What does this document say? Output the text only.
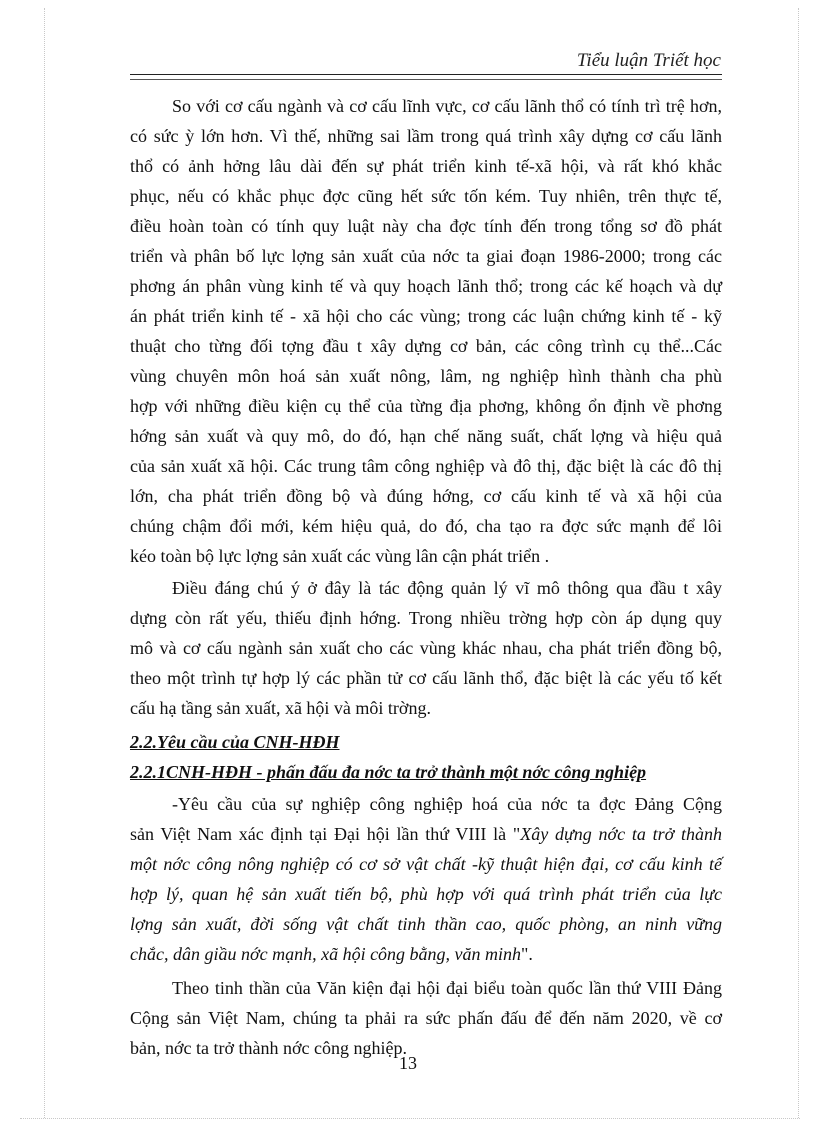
Tiểu luận Triết học
So với cơ cấu ngành và cơ cấu lĩnh vực, cơ cấu lãnh thổ có tính trì trệ hơn,
có sức ỳ lớn hơn. Vì thế, những sai lầm trong quá trình xây dựng cơ cấu lãnh
thổ có ảnh hởng lâu dài đến sự phát triển kinh tế-xã hội, và rất khó khắc
phục, nếu có khắc phục đợc cũng hết sức tốn kém. Tuy nhiên, trên thực tế,
điều hoàn toàn có tính quy luật này cha đợc tính đến trong tổng sơ đồ phát
triển và phân bố lực lợng sản xuất của nớc ta giai đoạn 1986-2000; trong các
phơng án phân vùng kinh tế và quy hoạch lãnh thổ; trong các kế hoạch và dự
án phát triển kinh tế - xã hội cho các vùng; trong các luận chứng kinh tế - kỹ
thuật cho từng đối tợng đầu t xây dựng cơ bản, các công trình cụ thể...Các
vùng chuyên môn hoá sản xuất nông, lâm, ng nghiệp hình thành cha phù
hợp với những điều kiện cụ thể của từng địa phơng, không ổn định về phơng
hớng sản xuất và quy mô, do đó, hạn chế năng suất, chất lợng và hiệu quả
của sản xuất xã hội. Các trung tâm công nghiệp và đô thị, đặc biệt là các đô thị
lớn, cha phát triển đồng bộ và đúng hớng, cơ cấu kinh tế và xã hội của
chúng chậm đổi mới, kém hiệu quả, do đó, cha tạo ra đợc sức mạnh để lôi
kéo toàn bộ lực lợng sản xuất các vùng lân cận phát triển .
Điều đáng chú ý ở đây là tác động quản lý vĩ mô thông qua đầu t xây
dựng còn rất yếu, thiếu định hớng. Trong nhiều trờng hợp còn áp dụng quy
mô và cơ cấu ngành sản xuất cho các vùng khác nhau, cha phát triển đồng bộ,
theo một trình tự hợp lý các phần tử cơ cấu lãnh thổ, đặc biệt là các yếu tố kết
cấu hạ tầng sản xuất, xã hội và môi trờng.
2.2.Yêu cầu của CNH-HĐH
2.2.1CNH-HĐH - phấn đấu đa nớc ta trở thành một nớc công nghiệp
-Yêu cầu của sự nghiệp công nghiệp hoá của nớc ta đợc Đảng Cộng
sản Việt Nam xác định tại Đại hội lần thứ VIII là "Xây dựng nớc ta trở thành
một nớc công nông nghiệp có cơ sở vật chất -kỹ thuật hiện đại, cơ cấu kinh tế
hợp lý, quan hệ sản xuất tiến bộ, phù hợp với quá trình phát triển của lực
lợng sản xuất, đời sống vật chất tinh thần cao, quốc phòng, an ninh vững
chắc, dân giầu nớc mạnh, xã hội công bằng, văn minh".
13
Theo tinh thần của Văn kiện đại hội đại biểu toàn quốc lần thứ VIII Đảng
Cộng sản Việt Nam, chúng ta phải ra sức phấn đấu để đến năm 2020, về cơ
bản, nớc ta trở thành nớc công nghiệp.
